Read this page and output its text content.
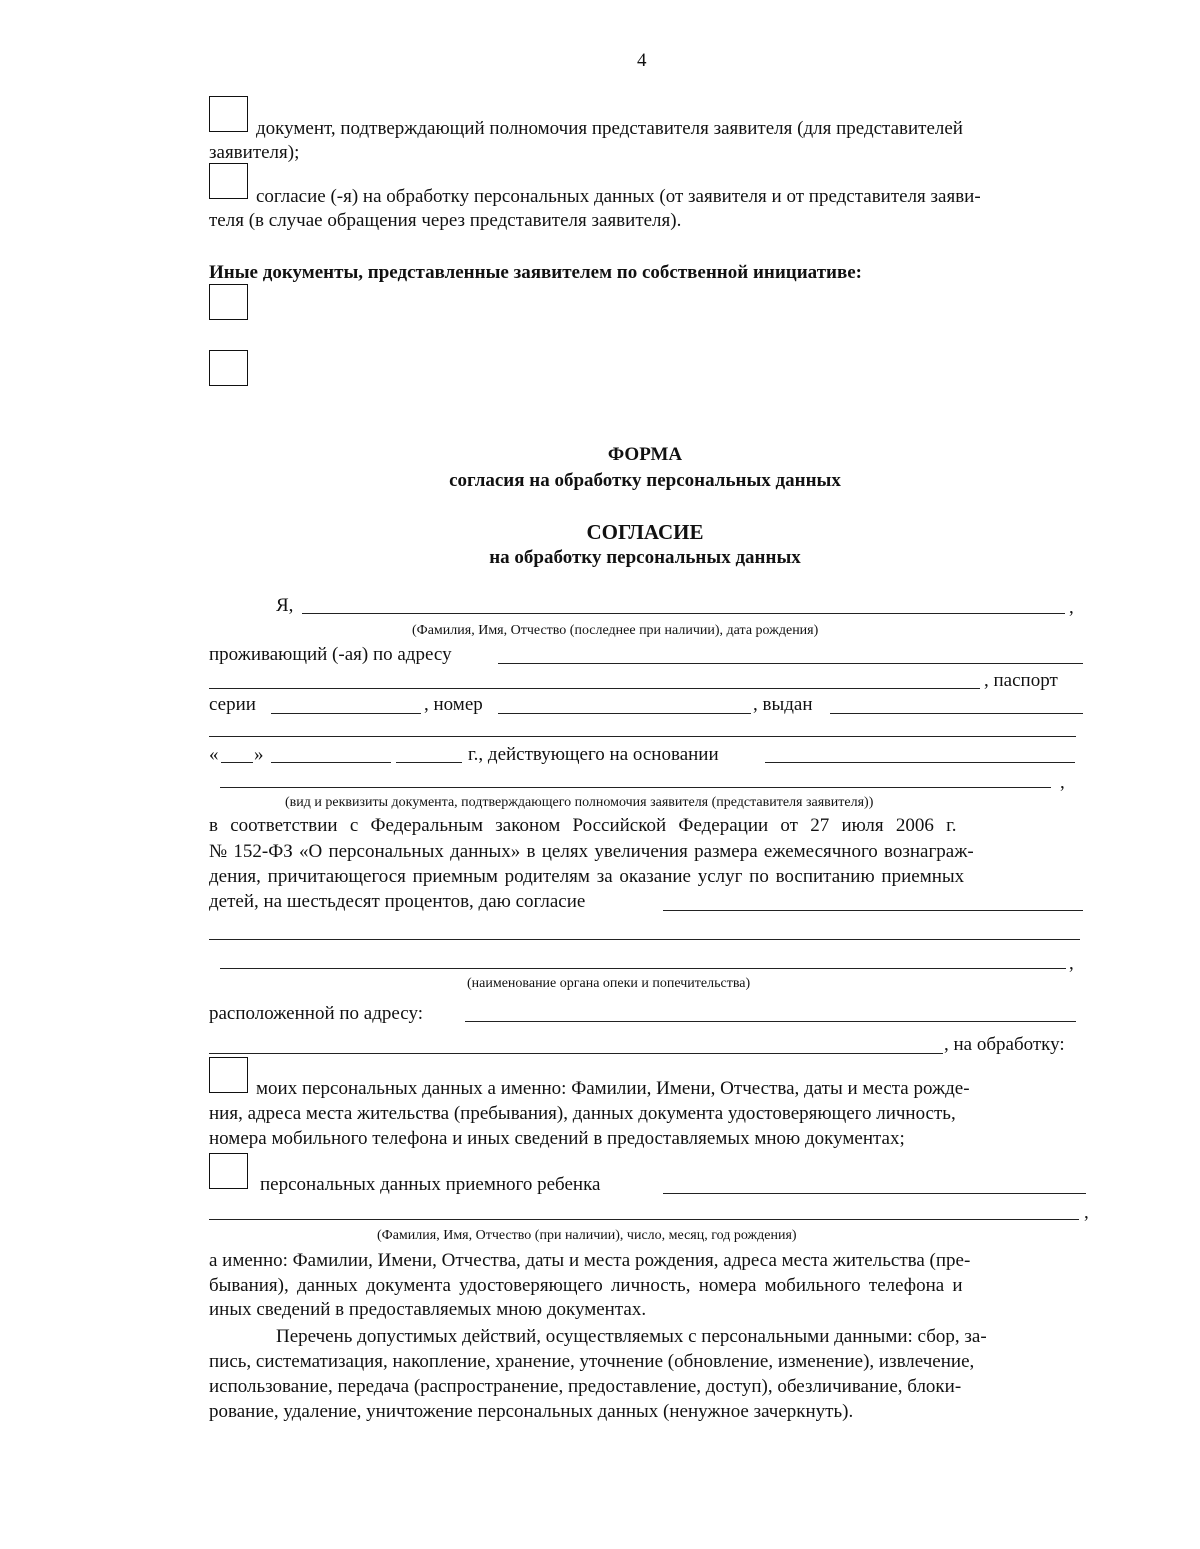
4
документ, подтверждающий полномочия представителя заявителя (для представителей
заявителя);
согласие (-я) на обработку персональных данных (от заявителя и от представителя заяви-
теля (в случае обращения через представителя заявителя).
Иные документы, представленные заявителем по собственной инициативе:
ФОРМА
согласия на обработку персональных данных
СОГЛАСИЕ
на обработку персональных данных
Я,	,
(Фамилия, Имя, Отчество (последнее при наличии), дата рождения)
проживающий (-ая) по адресу
, паспорт
серии	, номер	, выдан
« »	г., действующего на основании
,
(вид и реквизиты документа, подтверждающего полномочия заявителя (представителя заявителя))
в соответствии с Федеральным законом Российской Федерации от 27 июля 2006 г.
№ 152-ФЗ «О персональных данных» в целях увеличения размера ежемесячного вознаграж-
дения, причитающегося приемным родителям за оказание услуг по воспитанию приемных
детей, на шестьдесят процентов, даю согласие
,
(наименование органа опеки и попечительства)
расположенной по адресу:
, на обработку:
моих персональных данных а именно: Фамилии, Имени, Отчества, даты и места рожде-
ния, адреса места жительства (пребывания), данных документа удостоверяющего личность,
номера мобильного телефона и иных сведений в предоставляемых мною документах;
персональных данных приемного ребенка
,
(Фамилия, Имя, Отчество (при наличии), число, месяц, год рождения)
а именно: Фамилии, Имени, Отчества, даты и места рождения, адреса места жительства (пре-
бывания), данных документа удостоверяющего личность, номера мобильного телефона и
иных сведений в предоставляемых мною документах.
Перечень допустимых действий, осуществляемых с персональными данными: сбор, за-
пись, систематизация, накопление, хранение, уточнение (обновление, изменение), извлечение,
использование, передача (распространение, предоставление, доступ), обезличивание, блоки-
рование, удаление, уничтожение персональных данных (ненужное зачеркнуть).
